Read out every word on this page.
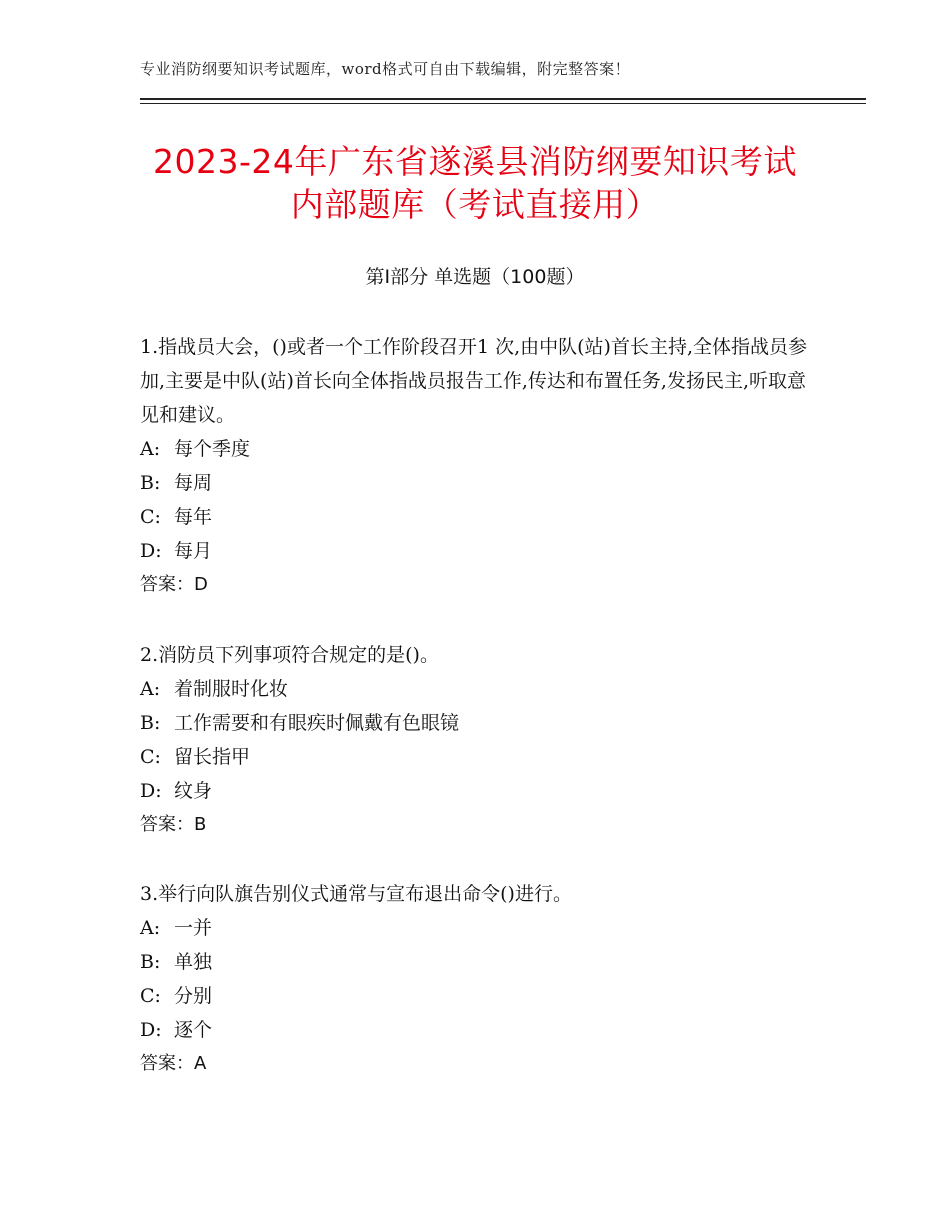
专业消防纲要知识考试题库，word格式可自由下载编辑，附完整答案！
2023-24年广东省遂溪县消防纲要知识考试
内部题库（考试直接用）
第Ⅰ部分 单选题（100题）

1.指战员大会，()或者一个工作阶段召开1 次,由中队(站)首长主持,全体指战员参加,主要是中队(站)首长向全体指战员报告工作,传达和布置任务,发扬民主,听取意见和建议。

A: 每个季度
B: 每周
C: 每年
D: 每月
答案：D

2.消防员下列事项符合规定的是()。

A: 着制服时化妆
B: 工作需要和有眼疾时佩戴有色眼镜
C: 留长指甲
D: 纹身
答案：B

3.举行向队旗告别仪式通常与宣布退出命令()进行。

A: 一并
B: 单独
C: 分别
D: 逐个
答案：A
